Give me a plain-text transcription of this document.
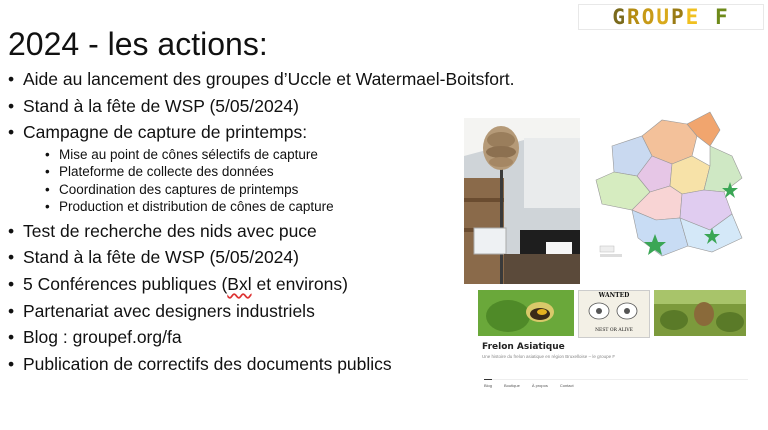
G R O U P E
F
2024 - les actions:
• Aide au lancement des groupes d’Uccle et Watermael-Boitsfort.
• Stand à la fête de WSP (5/05/2024)
• Campagne de capture de printemps:
• Mise au point de cônes sélectifs de capture
• Plateforme de collecte des données
• Coordination des captures de printemps
• Production et distribution de cônes de capture
• Test de recherche des nids avec puce
• Stand à la fête de WSP (5/05/2024)
• 5 Conférences publiques (Bxl et environs)
• Partenariat avec designers industriels
• Blog : groupef.org/fa
• Publication de correctifs des documents publics
WANTED
NEST OR ALIVE
Frelon Asiatique
Une histoire du frelon asiatique en région Bruxelloise – le groupe F
Blog	Boutique	À propos	Contact
